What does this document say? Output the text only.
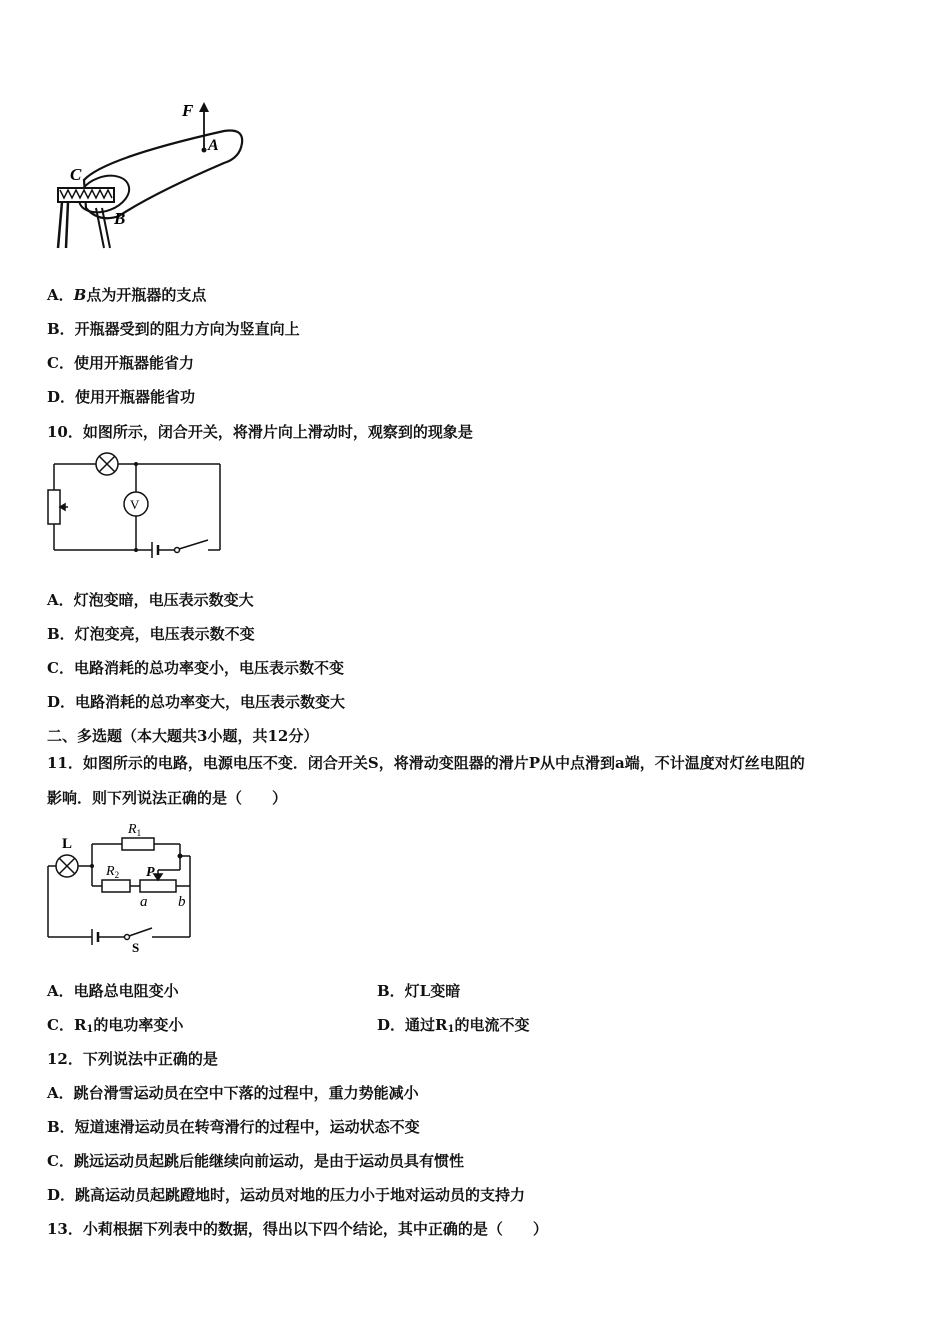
F
A
C
B
A．B点为开瓶器的支点
B．开瓶器受到的阻力方向为竖直向上
C．使用开瓶器能省力
D．使用开瓶器能省功
10．如图所示，闭合开关，将滑片向上滑动时，观察到的现象是
V
A．灯泡变暗，电压表示数变大
B．灯泡变亮，电压表示数不变
C．电路消耗的总功率变小，电压表示数不变
D．电路消耗的总功率变大，电压表示数变大
二、多选题（本大题共3小题，共12分）
11．如图所示的电路，电源电压不变．闭合开关S，将滑动变阻器的滑片P从中点滑到a端，不计温度对灯丝电阻的
影响．则下列说法正确的是（　　）
L
$R_1$
$R_2$ P
a b
S
A．电路总电阻变小	B．灯L变暗
C．$R_1$的电功率变小	D．通过$R_1$的电流不变
12．下列说法中正确的是
A．跳台滑雪运动员在空中下落的过程中，重力势能减小
B．短道速滑运动员在转弯滑行的过程中，运动状态不变
C．跳远运动员起跳后能继续向前运动，是由于运动员具有惯性
D．跳高运动员起跳蹬地时，运动员对地的压力小于地对运动员的支持力
13．小莉根据下列表中的数据，得出以下四个结论，其中正确的是（　　）
